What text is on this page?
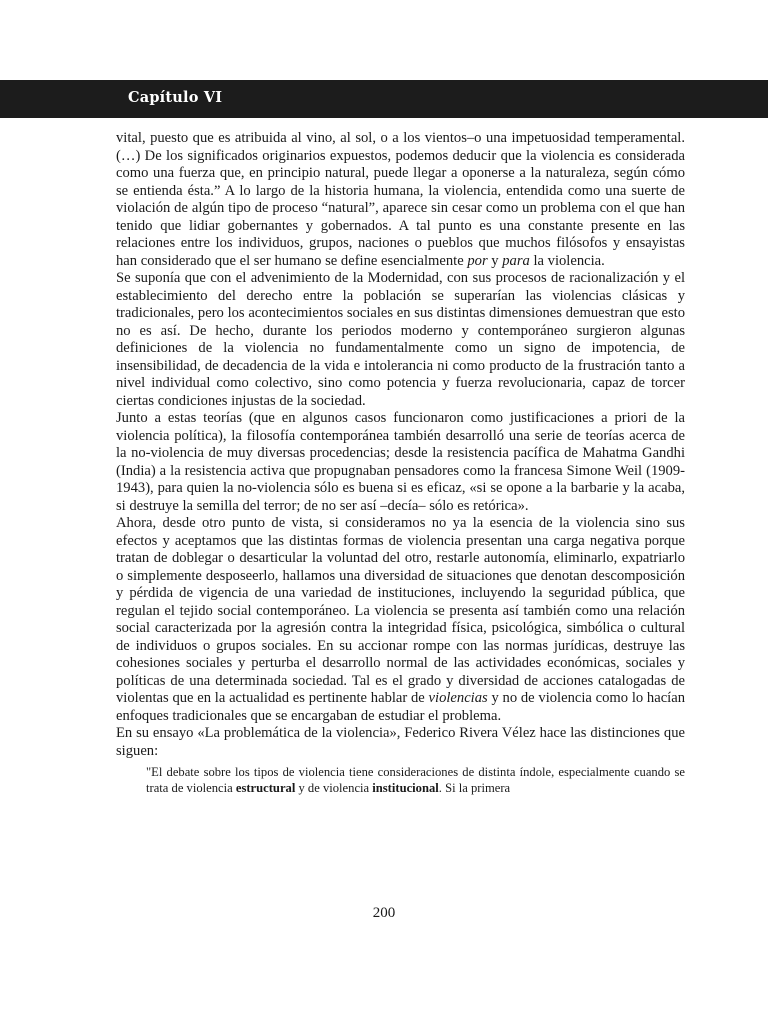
Capítulo VI

vital, puesto que es atribuida al vino, al sol, o a los vientos–o una impetuosidad temperamental. (…) De los significados originarios expuestos, podemos deducir que la violencia es considerada como una fuerza que, en principio natural, puede llegar a oponerse a la naturaleza, según cómo se entienda ésta.” A lo largo de la historia humana, la violencia, entendida como una suerte de violación de algún tipo de proceso “natural”, aparece sin cesar como un problema con el que han tenido que lidiar gobernantes y gobernados. A tal punto es una constante presente en las relaciones entre los individuos, grupos, naciones o pueblos que muchos filósofos y ensayistas han considerado que el ser humano se define esencialmente por y para la violencia.

Se suponía que con el advenimiento de la Modernidad, con sus procesos de racionalización y el establecimiento del derecho entre la población se superarían las violencias clásicas y tradicionales, pero los acontecimientos sociales en sus distintas dimensiones demuestran que esto no es así. De hecho, durante los periodos moderno y contemporáneo surgieron algunas definiciones de la violencia no fundamentalmente como un signo de impotencia, de insensibilidad, de decadencia de la vida e intolerancia ni como producto de la frustración tanto a nivel individual como colectivo, sino como potencia y fuerza revolucionaria, capaz de torcer ciertas condiciones injustas de la sociedad.

Junto a estas teorías (que en algunos casos funcionaron como justificaciones a priori de la violencia política), la filosofía contemporánea también desarrolló una serie de teorías acerca de la no-violencia de muy diversas procedencias; desde la resistencia pacífica de Mahatma Gandhi (India) a la resistencia activa que propugnaban pensadores como la francesa Simone Weil (1909-1943), para quien la no-violencia sólo es buena si es eficaz, «si se opone a la barbarie y la acaba, si destruye la semilla del terror; de no ser así –decía– sólo es retórica».

Ahora, desde otro punto de vista, si consideramos no ya la esencia de la violencia sino sus efectos y aceptamos que las distintas formas de violencia presentan una carga negativa porque tratan de doblegar o desarticular la voluntad del otro, restarle autonomía, eliminarlo, expatriarlo o simplemente desposeerlo, hallamos una diversidad de situaciones que denotan descomposición y pérdida de vigencia de una variedad de instituciones, incluyendo la seguridad pública, que regulan el tejido social contemporáneo. La violencia se presenta así también como una relación social caracterizada por la agresión contra la integridad física, psicológica, simbólica o cultural de individuos o grupos sociales. En su accionar rompe con las normas jurídicas, destruye las cohesiones sociales y perturba el desarrollo normal de las actividades económicas, sociales y políticas de una determinada sociedad. Tal es el grado y diversidad de acciones catalogadas de violentas que en la actualidad es pertinente hablar de violencias y no de violencia como lo hacían enfoques tradicionales que se encargaban de estudiar el problema.

En su ensayo «La problemática de la violencia», Federico Rivera Vélez hace las distinciones que siguen:

"El debate sobre los tipos de violencia tiene consideraciones de distinta índole, especialmente cuando se trata de violencia estructural y de violencia institucional. Si la primera

200
